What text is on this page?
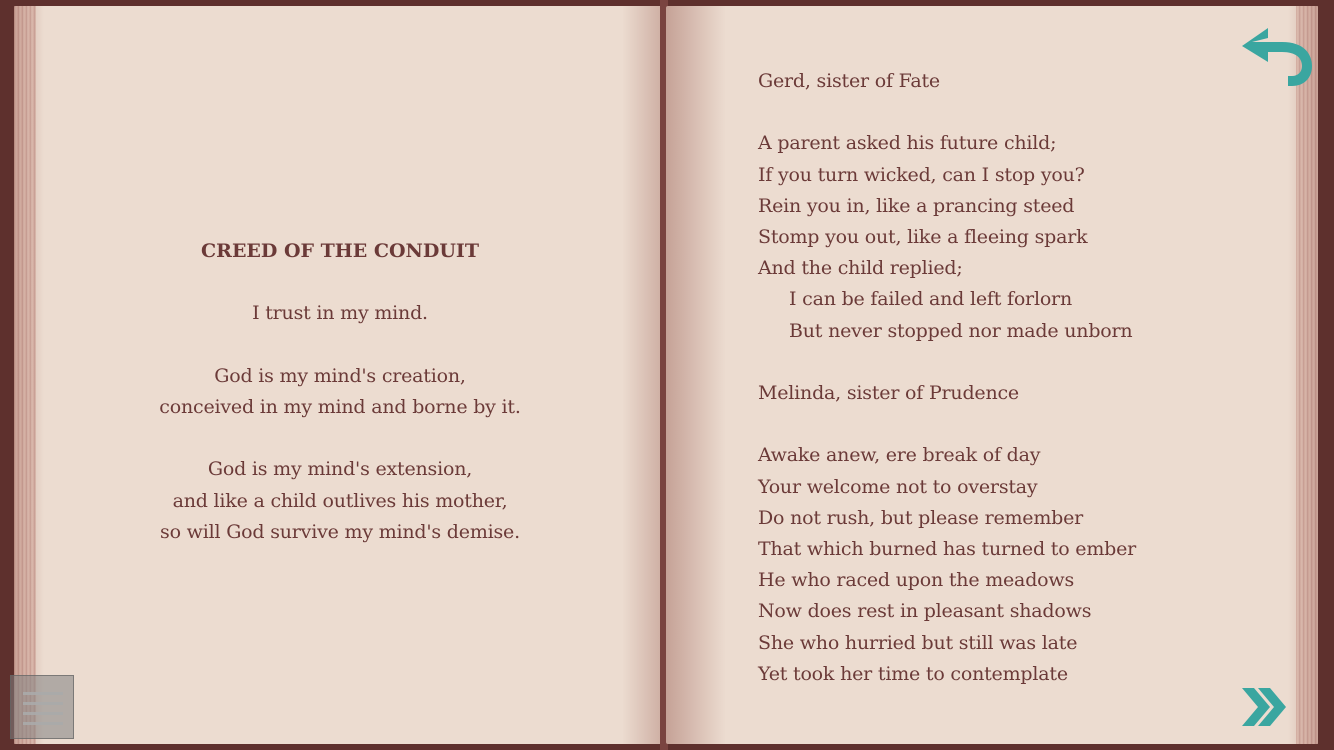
CREED OF THE CONDUIT
I trust in my mind.
God is my mind's creation,
conceived in my mind and borne by it.
God is my mind's extension,
and like a child outlives his mother,
so will God survive my mind's demise.
Gerd, sister of Fate
A parent asked his future child;
If you turn wicked, can I stop you?
Rein you in, like a prancing steed
Stomp you out, like a fleeing spark
And the child replied;
I can be failed and left forlorn
But never stopped nor made unborn
Melinda, sister of Prudence
Awake anew, ere break of day
Your welcome not to overstay
Do not rush, but please remember
That which burned has turned to ember
He who raced upon the meadows
Now does rest in pleasant shadows
She who hurried but still was late
Yet took her time to contemplate
